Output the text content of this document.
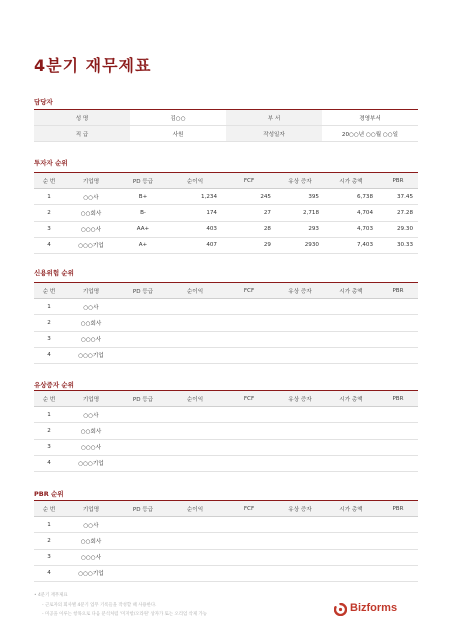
4분기 재무제표
담당자
성 명	김○○	부 서	경영부서
직 급	사원	작성일자	20○○년 ○○월 ○○일
투자자 순위
순 번	기업명	PD 등급	순이익	FCF	유상 증자	시가 총액	PBR
1	○○사	B+	1,234	245	395	6,738	37.45
2	○○회사	B-	174	27	2,718	4,704	27.28
3	○○○사	AA+	403	28	293	4,703	29.30
4	○○○기업	A+	407	29	2930	7,403	30.33
신용위험 순위
순 번	기업명	PD 등급	순이익	FCF	유상 증자	시가 총액	PBR
1	○○사						
2	○○회사						
3	○○○사						
4	○○○기업						
유상증자 순위
순 번	기업명	PD 등급	순이익	FCF	유상 증자	시가 총액	PBR
1	○○사						
2	○○회사						
3	○○○사						
4	○○○기업						
PBR 순위
순 번	기업명	PD 등급	순이익	FCF	유상 증자	시가 총액	PBR
1	○○사						
2	○○회사						
3	○○○사						
4	○○○기업						
• 4분기 재무제표
- 근로자의 회사별 4분기 업무 기록들을 작성할 때 사용한다.
- 미공을 이루는 항목으로 다음 분석처럼 '미지항/오라원' 상자가 또는 오리엄 삭제 가능
Bizforms
